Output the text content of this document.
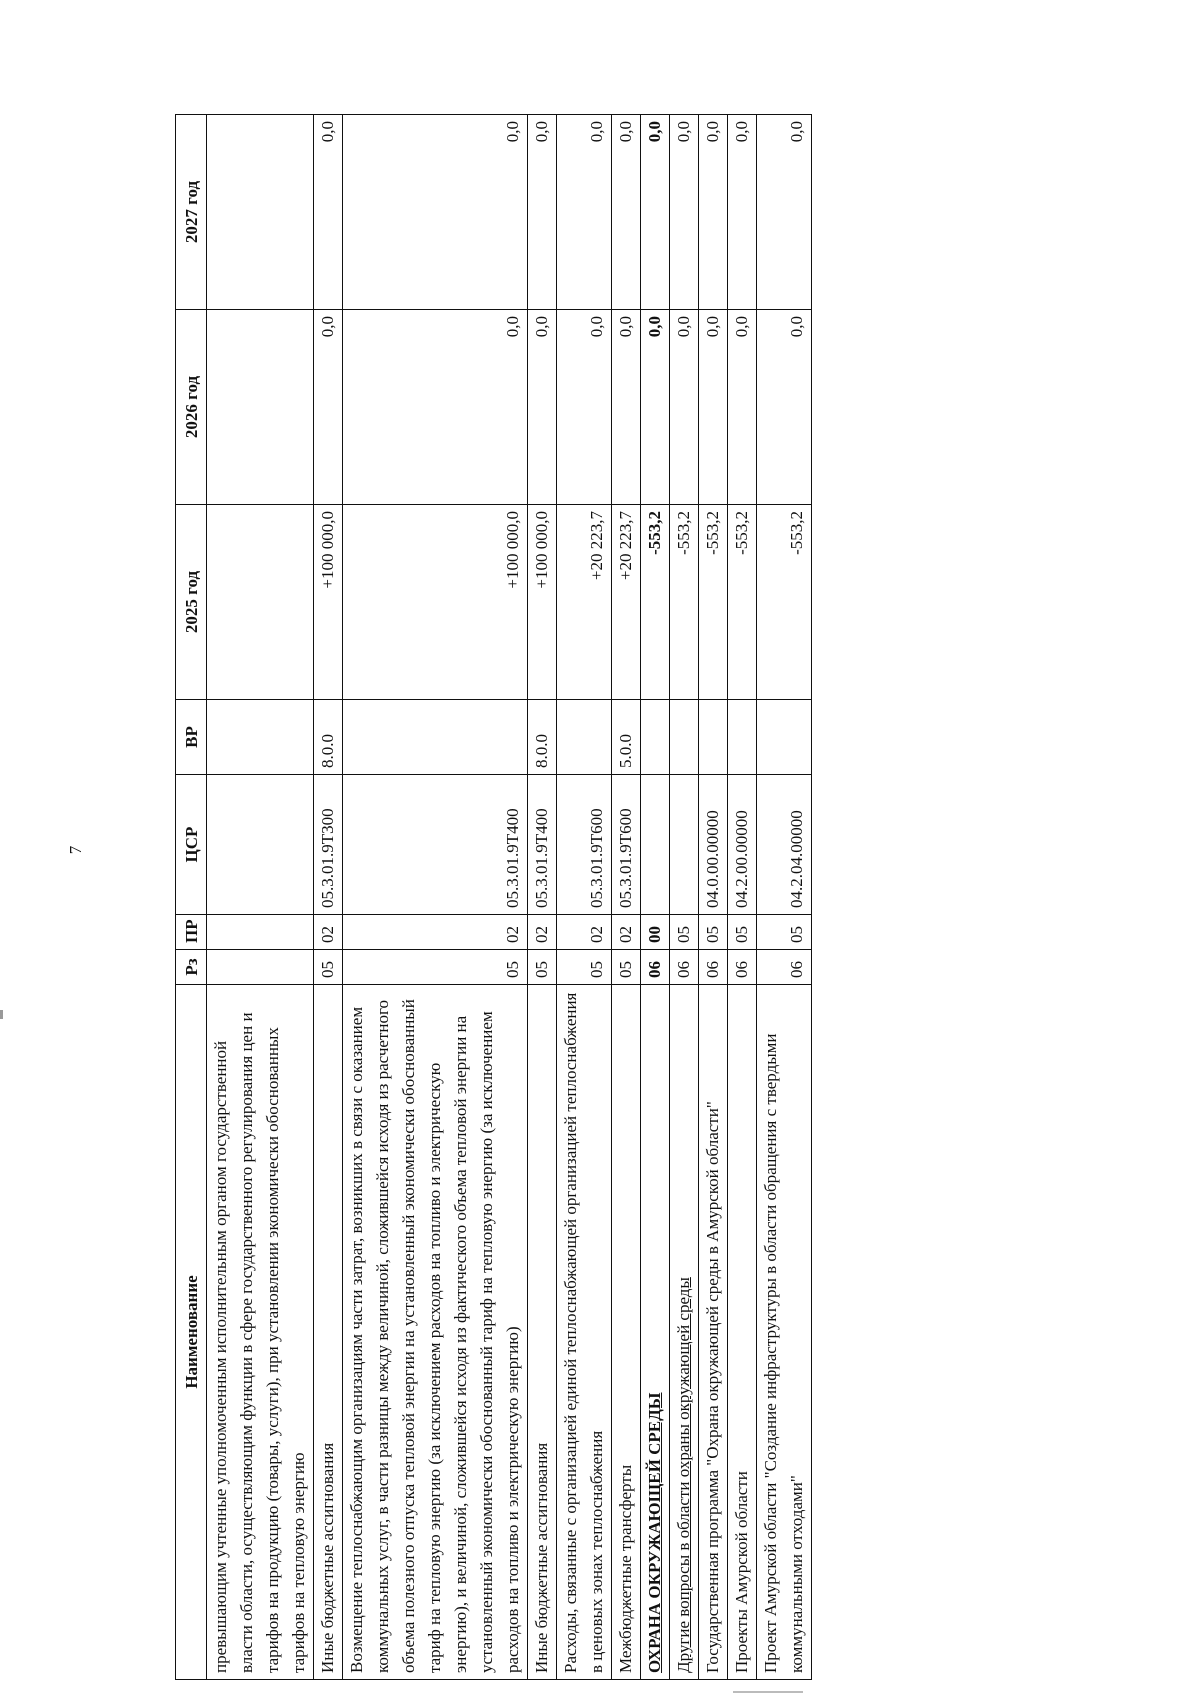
7
Наименование	Рз	ПР	ЦСР	ВР	2025 год	2026 год	2027 год
превышающим учтенные уполномоченным исполнительным органом государственной власти области, осуществляющим функции в сфере государственного регулирования цен и тарифов на продукцию (товары, услуги), при установлении экономически обоснованных тарифов на тепловую энергию							
Иные бюджетные ассигнования	05	02	05.3.01.9Т300	8.0.0	+100 000,0	0,0	0,0
Возмещение теплоснабжающим организациям части затрат, возникших в связи с оказанием коммунальных услуг, в части разницы между величиной, сложившейся исходя из расчетного объема полезного отпуска тепловой энергии на установленный экономически обоснованный тариф на тепловую энергию (за исключением расходов на топливо и электрическую энергию), и величиной, сложившейся исходя из фактического объема тепловой энергии на установленный экономически обоснованный тариф на тепловую энергию (за исключением расходов на топливо и электрическую энергию)	05	02	05.3.01.9Т400		+100 000,0	0,0	0,0
Иные бюджетные ассигнования	05	02	05.3.01.9Т400	8.0.0	+100 000,0	0,0	0,0
Расходы, связанные с организацией единой теплоснабжающей организацией теплоснабжения в ценовых зонах теплоснабжения	05	02	05.3.01.9Т600		+20 223,7	0,0	0,0
Межбюджетные трансферты	05	02	05.3.01.9Т600	5.0.0	+20 223,7	0,0	0,0
ОХРАНА ОКРУЖАЮЩЕЙ СРЕДЫ	06	00			-553,2	0,0	0,0
Другие вопросы в области охраны окружающей среды	06	05			-553,2	0,0	0,0
Государственная программа "Охрана окружающей среды в Амурской области"	06	05	04.0.00.00000		-553,2	0,0	0,0
Проекты Амурской области	06	05	04.2.00.00000		-553,2	0,0	0,0
Проект Амурской области "Создание инфраструктуры в области обращения с твердыми коммунальными отходами"	06	05	04.2.04.00000		-553,2	0,0	0,0
